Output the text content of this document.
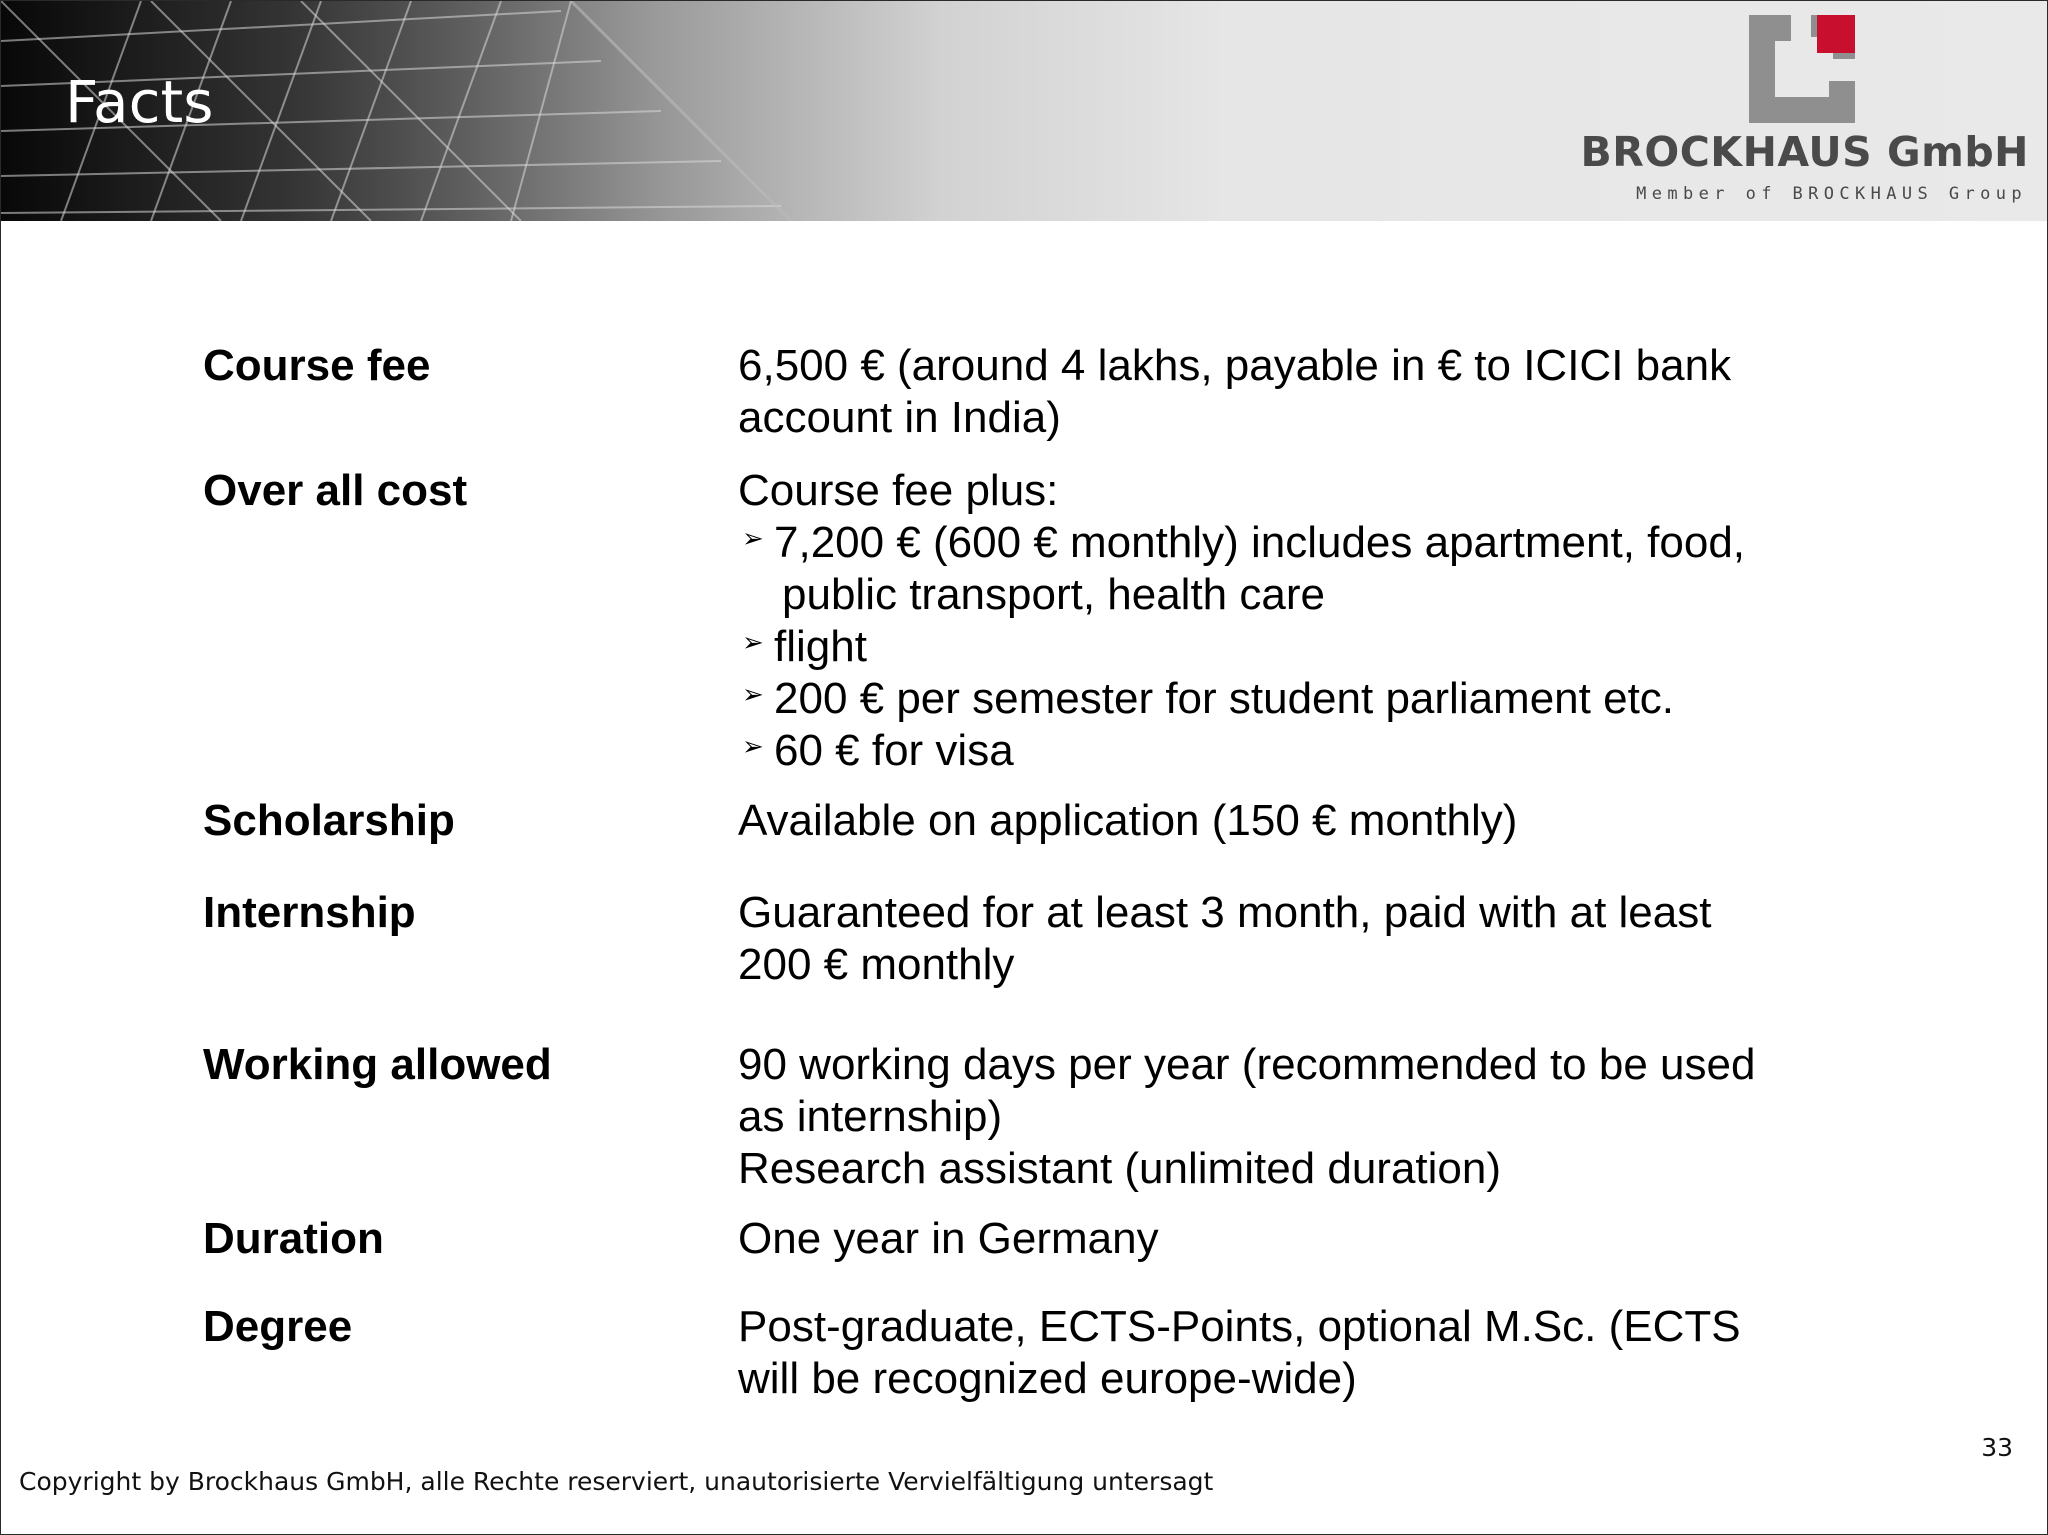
Facts
BROCKHAUS GmbH
Member of BROCKHAUS Group
Course fee	6,500 € (around 4 lakhs, payable in € to ICICI bank

account in India)

Over all cost	Course fee plus:

➢ 7,200 € (600 € monthly) includes apartment, food,
public transport, health care
➢ flight
➢ 200 € per semester for student parliament etc.
➢ 60 € for visa
Scholarship	Available on application (150 € monthly)

Internship	Guaranteed for at least 3 month, paid with at least

200 € monthly

Working allowed	90 working days per year (recommended to be used

as internship)

Research assistant (unlimited duration)

Duration	One year in Germany

Degree	Post-graduate, ECTS-Points, optional M.Sc. (ECTS

will be recognized europe-wide)

33

Copyright by Brockhaus GmbH, alle Rechte reserviert, unautorisierte Vervielfältigung untersagt
